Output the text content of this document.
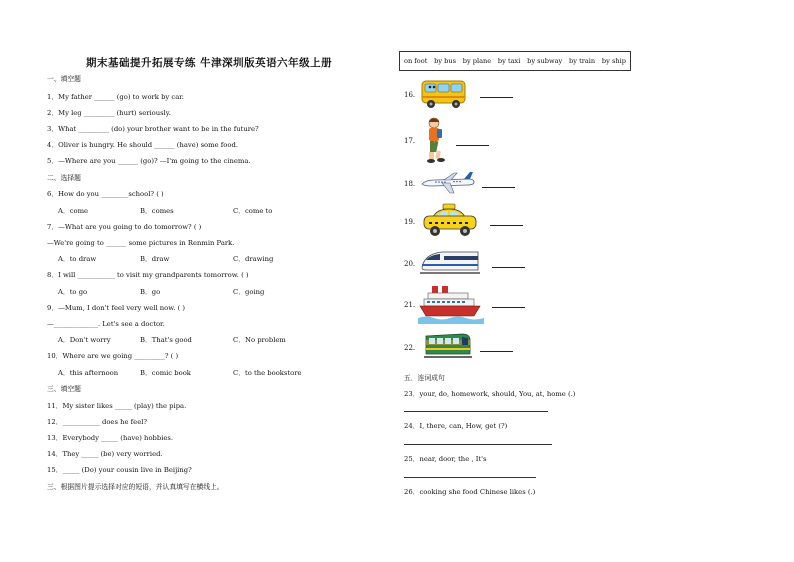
期末基础提升拓展专练 牛津深圳版英语六年级上册
一、填空题
1．My father ______ (go) to work by car.
2．My leg _________ (hurt) seriously.
3．What _________ (do) your brother want to be in the future?
4．Oliver is hungry. He should ______ (have) some food.
5．—Where are you ______ (go)? —I'm going to the cinema.
二、选择题
6．How do you ________school? ( )
A．come	B．comes	C．come to
7．—What are you going to do tomorrow? ( )
—We're going to ______ some pictures in Renmin Park.
A．to draw	B．draw	C．drawing
8．I will ___________ to visit my grandparents tomorrow. ( )
A．to go	B．go	C．going
9．—Mum, I don't feel very well now. ( )
—_____________. Let's see a doctor.
A．Don't worry	B．That's good	C．No problem
10．Where are we going _________? ( )
A．this afternoon	B．comic book	C．to the bookstore
三、填空题
11．My sister likes _____ (play) the pipa.
12．___________ does he feel?
13．Everybody _____ (have) hobbies.
14．They _____ (be) very worried.
15．_____ (Do) your cousin live in Beijing?
三、根据图片提示选择对应的短语，并认真填写在横线上。
on foot by bus by plane by taxi by subway by train by ship
16.
17.
18.
19.
20.
21.
22.
五．连词成句
23．your, do, homework, should, You, at, home (.)
24．I, there, can, How, get (?)
25．near, door, the , It's
26．cooking she food Chinese likes (.)
